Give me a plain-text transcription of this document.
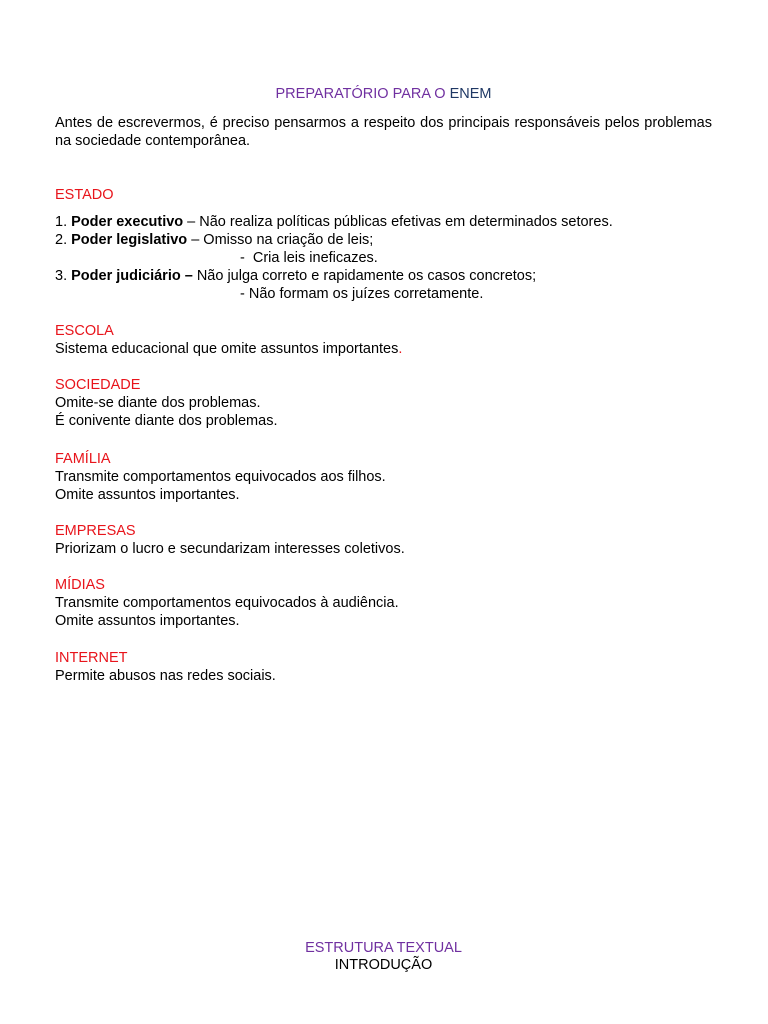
PREPARATÓRIO PARA O ENEM

Antes de escrevermos, é preciso pensarmos a respeito dos principais responsáveis pelos problemas na sociedade contemporânea.

ESTADO
1. Poder executivo – Não realiza políticas públicas efetivas em determinados setores.
2. Poder legislativo – Omisso na criação de leis;
-  Cria leis ineficazes.
3. Poder judiciário – Não julga correto e rapidamente os casos concretos;
- Não formam os juízes corretamente.
ESCOLA
Sistema educacional que omite assuntos importantes.
SOCIEDADE
Omite-se diante dos problemas.
É conivente diante dos problemas.
FAMÍLIA
Transmite comportamentos equivocados aos filhos.
Omite assuntos importantes.
EMPRESAS
Priorizam o lucro e secundarizam interesses coletivos.
MÍDIAS
Transmite comportamentos equivocados à audiência.
Omite assuntos importantes.
INTERNET
Permite abusos nas redes sociais.
ESTRUTURA TEXTUAL
INTRODUÇÃO
